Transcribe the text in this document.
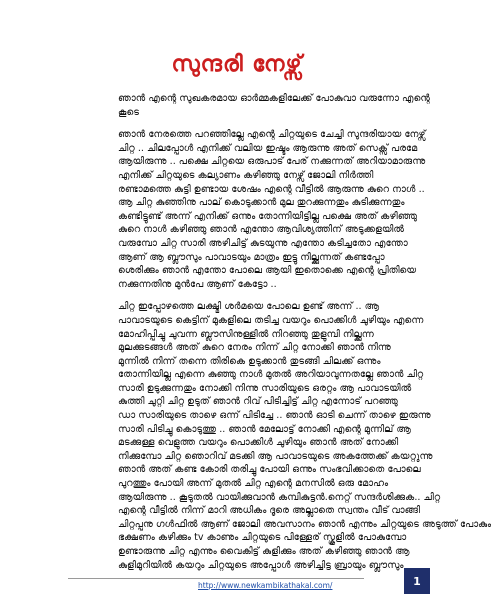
സുന്ദരി നേഴ്സ്

ഞാൻ എന്റെ സുഖകരമായ ഓർമ്മകളിലേക്ക് പോകുവാ വരുന്നോ എന്റെ
കൂടെ

ഞാൻ നേരത്തെ പറഞ്ഞില്ലേ എന്റെ ചിറ്റയുടെ ചേച്ചി സുന്ദരിയായ നേഴ്സ്
ചിറ്റ .. ചിലപ്പോൾ എനിക്ക് വലിയ ഇഷ്ടം ആരുന്നു അത് സെക്സ് പരമേ
ആയിരുന്നു .. പക്ഷെ ചിറ്റയെ ഒരുപാട് പേര് നക്കുന്നത് അറിയാമാരുന്നു
എനിക്ക് ചിറ്റയുടെ കല്യാണം കഴിഞ്ഞു നേഴ്സ് ജോലി നിർത്തി
രണ്ടാമത്തെ കുട്ടി ഉണ്ടായ ശേഷം എന്റെ വീട്ടിൽ ആരുന്നു കുറെ നാൾ ..
ആ ചിറ്റ കുഞ്ഞിനു പാല് കൊടുക്കാൻ മുല തുറക്കുന്നതും കുടിക്കുന്നതും
കണ്ടിട്ടുണ്ട് അന്ന് എനിക്ക് ഒന്നും തോന്നിയിട്ടില്ല പക്ഷെ അത് കഴിഞ്ഞു
കുറെ നാൾ കഴിഞ്ഞു ഞാൻ എന്തോ ആവിശ്യത്തിന് അടുക്കളയിൽ
വരുമ്പോ ചിറ്റ സാരി അഴിചിട്ട് കുടയുന്നു എന്തോ കടിച്ചതോ എന്തോ
ആണ് ആ ബ്ലൗസും പാവാടയും മാത്രം ഇട്ടു നില്ക്കുന്നത് കണ്ടപ്പോ
ശെരിക്കും ഞാൻ എന്തോ പോലെ ആയി ഇതൊക്കെ എന്റെ പ്രിതിയെ
നക്കുന്നതിനു മുൻപേ ആണ് കേട്ടോ ..

ചിറ്റ ഇപ്പോഴത്തെ ലക്ഷ്മി ശർമയെ പോലെ ഉണ്ട് അന്ന് .. ആ
പാവാടയുടെ കെട്ടിന് മുകളിലെ തടിച്ച വയറും പൊക്കിൾ ചുഴിയും എന്നെ
മോഹിപ്പിച്ചു ചുവന്ന ബ്ലൗസിനുള്ളിൽ നിറഞ്ഞു തുളുമ്പി നില്ക്കുന്ന
മുലക്കുടങ്ങൾ അത് കുറെ നേരം നിന്ന് ചിറ്റ നോക്കി ഞാൻ നിന്നു
മുന്നിൽ നിന്ന് തന്നെ തിരികെ ഉടുക്കാൻ തുടങ്ങി ചിലക്ക് ഒന്നും
തോന്നിയില്ല എന്നെ കുഞ്ഞു നാൾ മുതൽ അറിയാവുന്നതല്ലേ ഞാൻ ചിറ്റ
സാരി ഉടുക്കുന്നതും നോക്കി നിന്നു സാരിയുടെ ഒരറ്റം ആ പാവാടയിൽ
കുത്തി ചുറ്റി ചിറ്റ ഉടുത് ഞാൻ റിവ് പിടിച്ചിട്ട് ചിറ്റ എന്നോട് പറഞ്ഞു
ഡാ സാരിയുടെ താഴെ ഒന്ന് പിടിച്ചേ .. ഞാൻ ഓടി ചെന്ന് താഴെ ഇരുന്നു
സാരി പിടിച്ചു കൊടുത്തു .. ഞാൻ മേലോട്ട് നോക്കി എന്റെ മുന്നില് ആ
മടക്കുള്ള വെളുത്ത വയറും പൊക്കിൾ ചുഴിയും ഞാൻ അത് നോക്കി
നിക്കുമ്പോ ചിറ്റ ഞൊറിവ് മടക്കി ആ പാവാടയുടെ അകത്തേക്ക് കയറ്റുന്നു
ഞാൻ അത് കണ്ട കോരി തരിച്ചു പോയി ഒന്നും സംഭവിക്കാതെ പോലെ
പുറത്തും പോയി അന്ന് മുതൽ ചിറ്റ എന്റെ മനസിൽ ഒരു മോഹം
ആയിരുന്നു .. കൂടുതൽ വായിക്കുവാൻ കമ്പികുട്ടൻ.നെറ്റ് സന്ദർശിക്കുക.. ചിറ്റ
എന്റെ വീട്ടിൽ നിന്ന് മാറി അധികം ദൂരെ അല്ലാതെ സ്വന്തം വീട് വാങ്ങി
ചിറ്റപ്പനു ഗൾഫിൽ ആണ് ജോലി അവസാനം ഞാൻ എന്നും ചിറ്റയുടെ അടുത്ത് പോകും
ഭക്ഷണം കഴിക്കും tv കാണും ചിറ്റയുടെ പിള്ളേര് സ്കൂളിൽ പോകുമ്പോ
ഉണ്ടാരുന്നു ചിറ്റ എന്നും വൈകിട്ട് കുളിക്കും അത് കഴിഞ്ഞു ഞാൻ ആ
കുളിമുറിയിൽ കയറും ചിറ്റയുടെ അപ്പോൾ അഴിച്ചിട്ട ബ്രായും ബ്ലൗസും

http://www.newkambikathakal.com/	1
